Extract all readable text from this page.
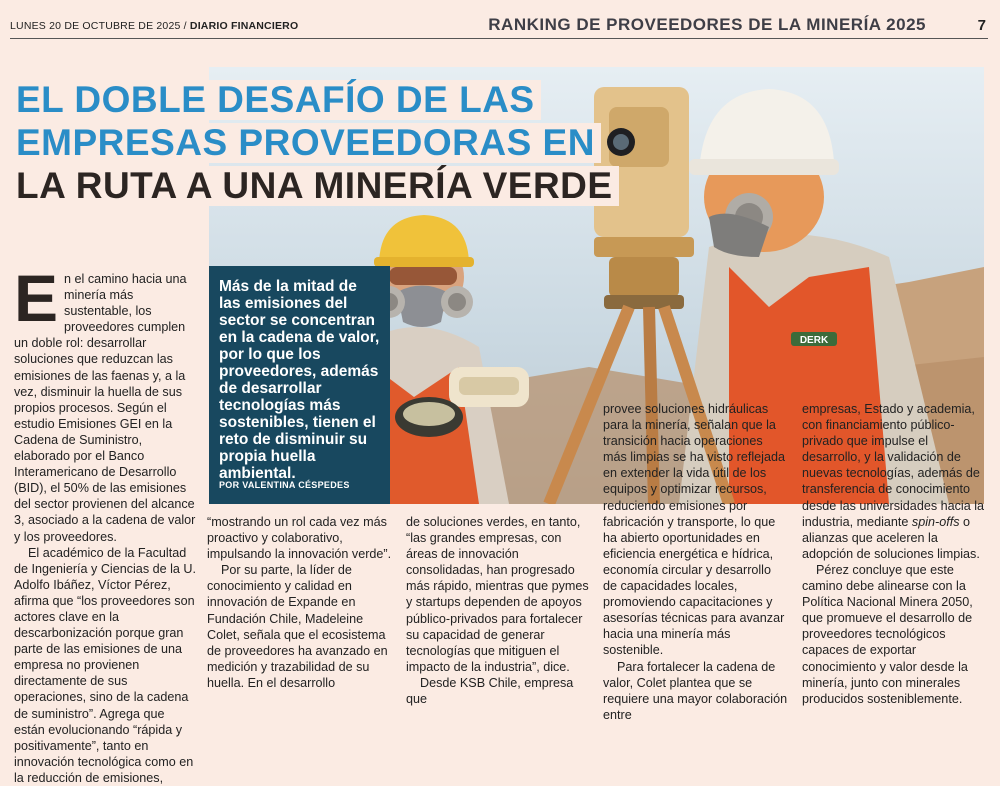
LUNES 20 DE OCTUBRE DE 2025 / DIARIO FINANCIERO	RANKING DE PROVEEDORES DE LA MINERÍA 2025	7
DERK
EL DOBLE DESAFÍO DE LAS
EMPRESAS PROVEEDORAS EN
LA RUTA A UNA MINERÍA VERDE
Más de la mitad de las emisiones del sector se concentran en la cadena de valor, por lo que los proveedores, además de desarrollar tecnologías más sostenibles, tienen el reto de disminuir su propia huella ambiental.
POR VALENTINA CÉSPEDES
E n el camino hacia una minería más sustentable, los proveedores cumplen un doble rol: desarrollar soluciones que reduzcan las emisiones de las faenas y, a la vez, disminuir la huella de sus propios procesos. Según el estudio Emisiones GEI en la Cadena de Suministro, elaborado por el Banco Interamericano de Desarrollo (BID), el 50% de las emisiones del sector provienen del alcance 3, asociado a la cadena de valor y los proveedores.

El académico de la Facultad de Ingeniería y Ciencias de la U. Adolfo Ibáñez, Víctor Pérez, afirma que “los proveedores son actores clave en la descarbonización porque gran parte de las emisiones de una empresa no provienen directamente de sus operaciones, sino de la cadena de suministro”. Agrega que están evolucionando “rápida y positivamente”, tanto en innovación tecnológica como en la reducción de emisiones,

“mostrando un rol cada vez más proactivo y colaborativo, impulsando la innovación verde”.

Por su parte, la líder de conocimiento y calidad en innovación de Expande en Fundación Chile, Madeleine Colet, señala que el ecosistema de proveedores ha avanzado en medición y trazabilidad de su huella. En el desarrollo

de soluciones verdes, en tanto, “las grandes empresas, con áreas de innovación consolidadas, han progresado más rápido, mientras que pymes y startups dependen de apoyos público-privados para fortalecer su capacidad de generar tecnologías que mitiguen el impacto de la industria”, dice.

Desde KSB Chile, empresa que

provee soluciones hidráulicas para la minería, señalan que la transición hacia operaciones más limpias se ha visto reflejada en extender la vida útil de los equipos y optimizar recursos, reduciendo emisiones por fabricación y transporte, lo que ha abierto oportunidades en eficiencia energética e hídrica, economía circular y desarrollo de capacidades locales, promoviendo capacitaciones y asesorías técnicas para avanzar hacia una minería más sostenible.

Para fortalecer la cadena de valor, Colet plantea que se requiere una mayor colaboración entre

empresas, Estado y academia, con financiamiento público-privado que impulse el desarrollo, y la validación de nuevas tecnologías, además de transferencia de conocimiento desde las universidades hacia la industria, mediante spin-offs o alianzas que aceleren la adopción de soluciones limpias.

Pérez concluye que este camino debe alinearse con la Política Nacional Minera 2050, que promueve el desarrollo de proveedores tecnológicos capaces de exportar conocimiento y valor desde la minería, junto con minerales producidos sosteniblemente.
